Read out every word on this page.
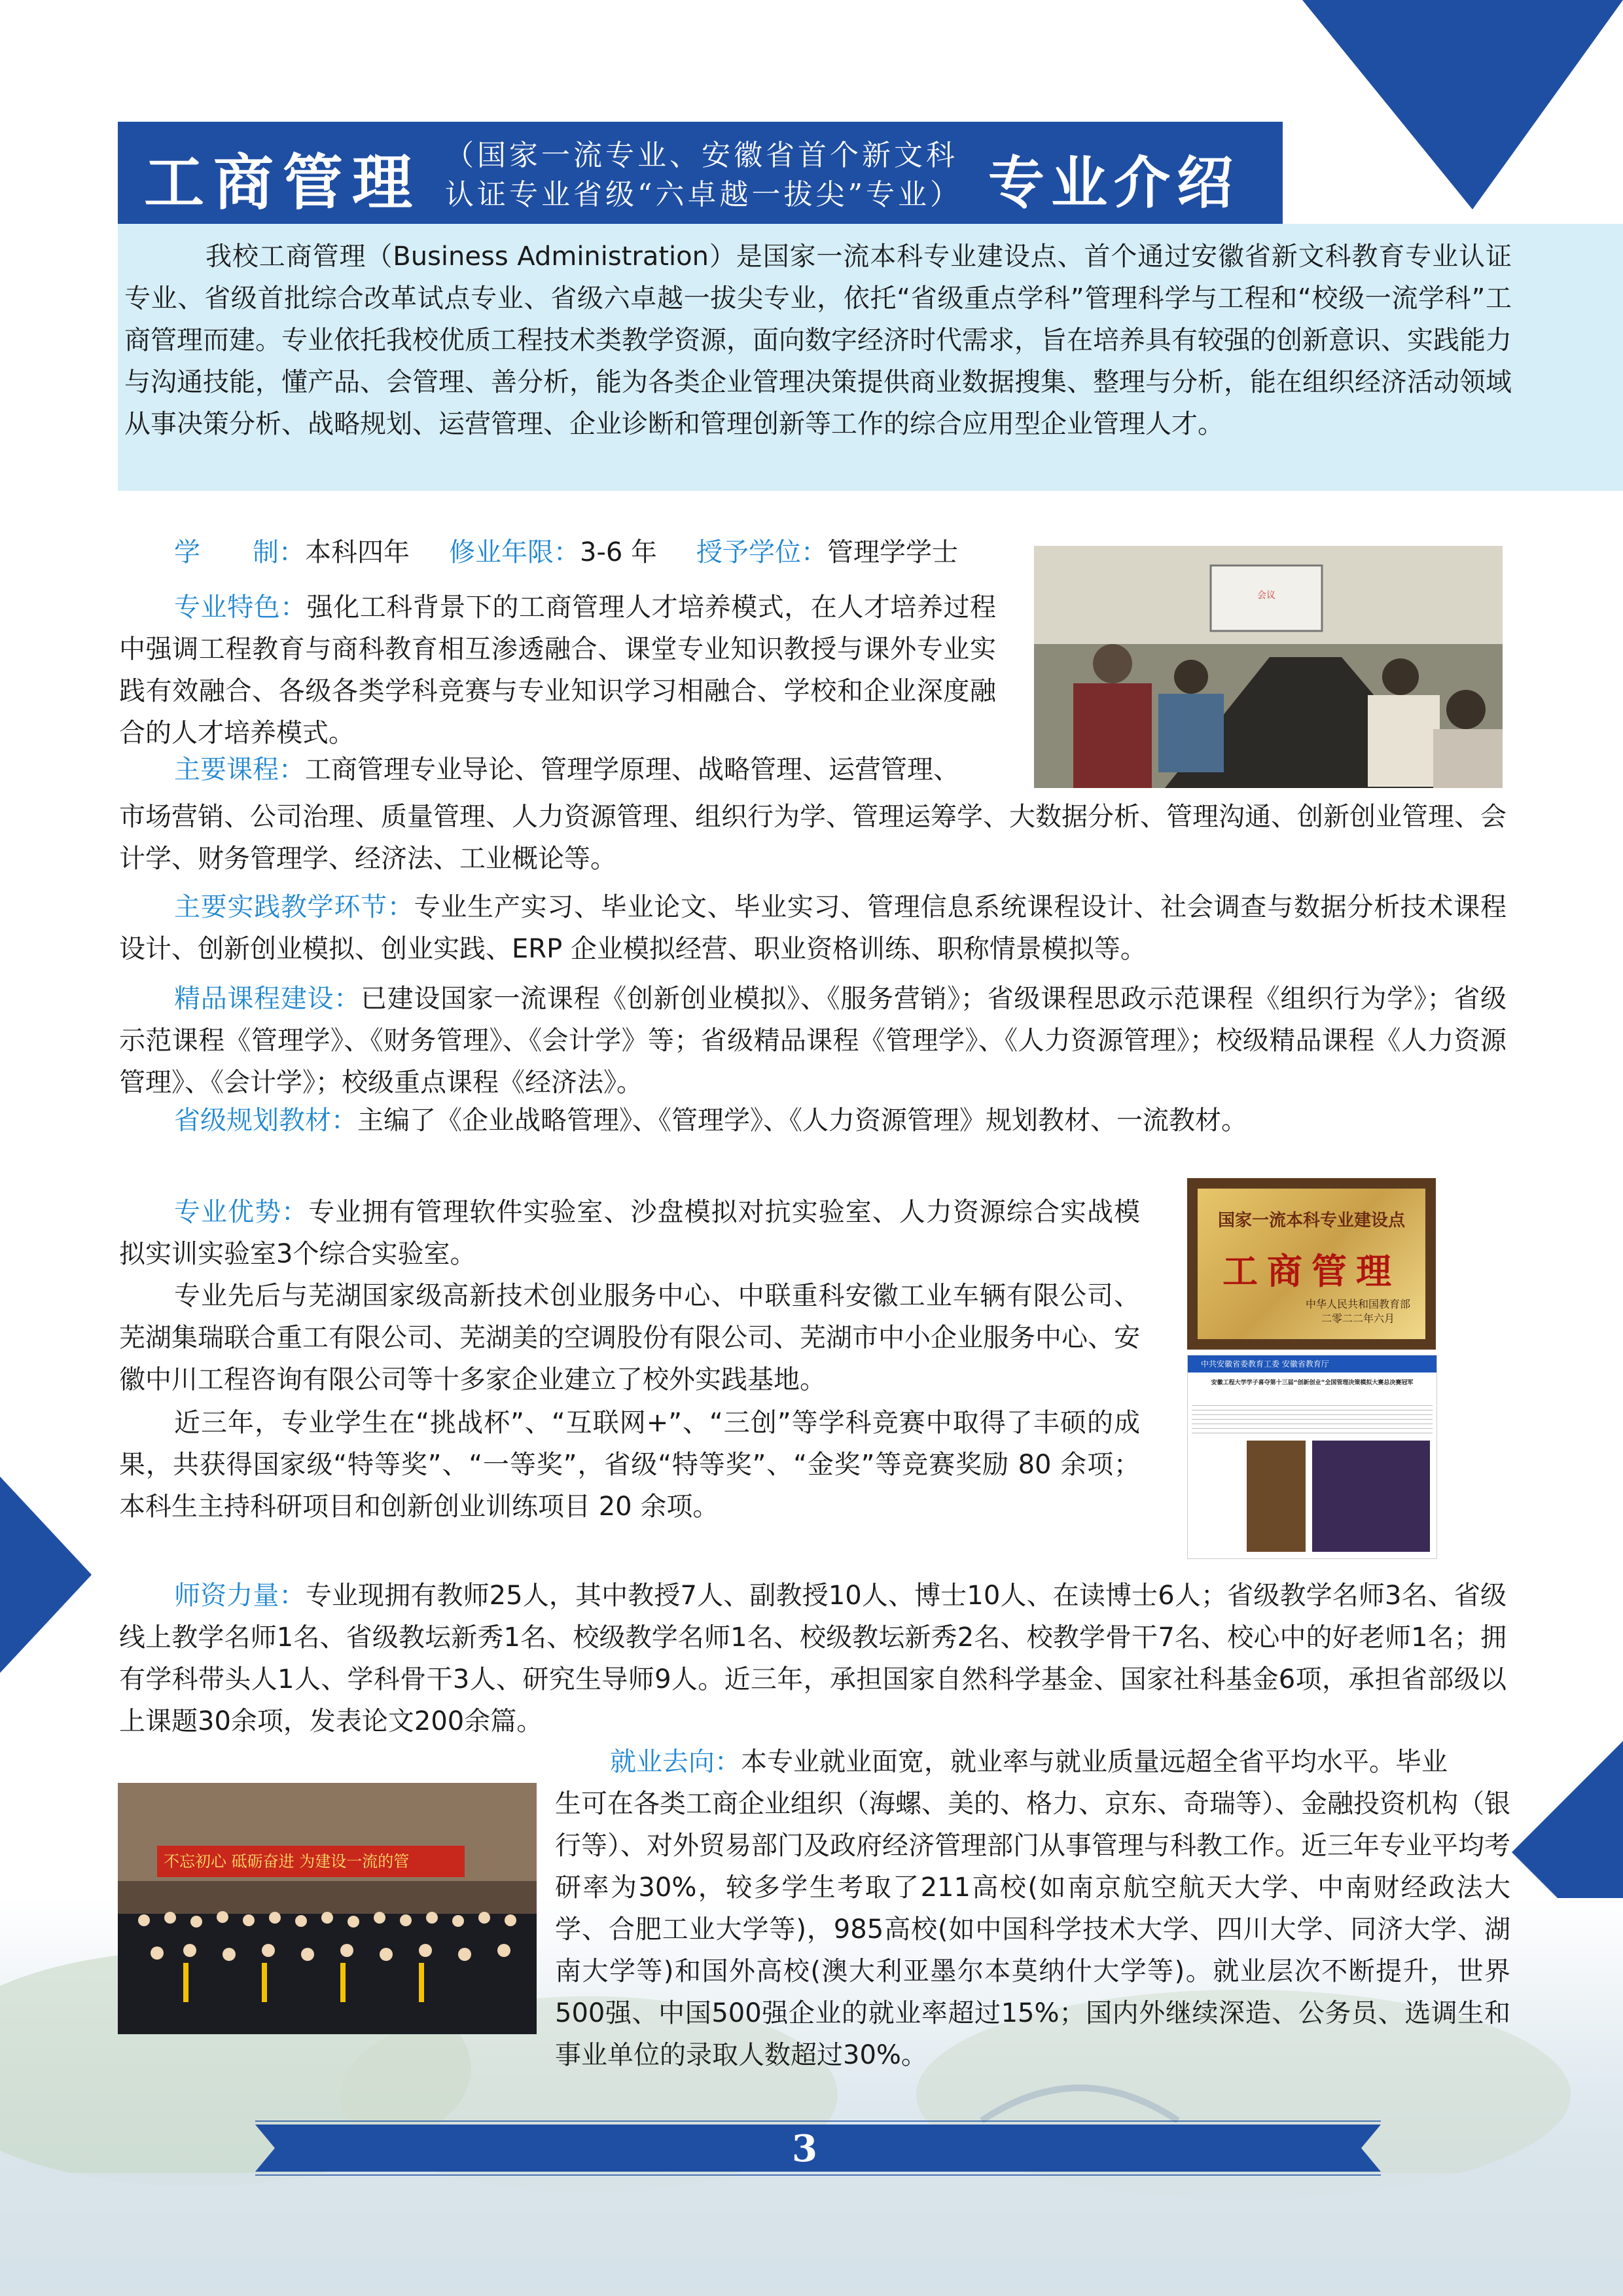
工商管理 （国家一流专业、安徽省首个新文科
认证专业省级“六卓越一拔尖”专业） 专业介绍

我校工商管理（Business Administration）是国家一流本科专业建设点、首个通过安徽省新文科教育专业认证专业、省级首批综合改革试点专业、省级六卓越一拔尖专业，依托“省级重点学科”管理科学与工程和“校级一流学科”工商管理而建。专业依托我校优质工程技术类教学资源，面向数字经济时代需求，旨在培养具有较强的创新意识、实践能力与沟通技能，懂产品、会管理、善分析，能为各类企业管理决策提供商业数据搜集、整理与分析，能在组织经济活动领域从事决策分析、战略规划、运营管理、企业诊断和管理创新等工作的综合应用型企业管理人才。

学　　制：本科四年 修业年限：3-6 年 授予学位：管理学学士
会议
专业特色：强化工科背景下的工商管理人才培养模式，在人才培养过程中强调工程教育与商科教育相互渗透融合、课堂专业知识教授与课外专业实践有效融合、各级各类学科竞赛与专业知识学习相融合、学校和企业深度融合的人才培养模式。
主要课程：工商管理专业导论、管理学原理、战略管理、运营管理、
市场营销、公司治理、质量管理、人力资源管理、组织行为学、管理运筹学、大数据分析、管理沟通、创新创业管理、会计学、财务管理学、经济法、工业概论等。
主要实践教学环节：专业生产实习、毕业论文、毕业实习、管理信息系统课程设计、社会调查与数据分析技术课程设计、创新创业模拟、创业实践、ERP 企业模拟经营、职业资格训练、职称情景模拟等。
精品课程建设：已建设国家一流课程《创新创业模拟》、《服务营销》；省级课程思政示范课程《组织行为学》；省级示范课程《管理学》、《财务管理》、《会计学》等；省级精品课程《管理学》、《人力资源管理》；校级精品课程《人力资源管理》、《会计学》；校级重点课程《经济法》。
省级规划教材：主编了《企业战略管理》、《管理学》、《人力资源管理》规划教材、一流教材。
专业优势：专业拥有管理软件实验室、沙盘模拟对抗实验室、人力资源综合实战模拟实训实验室3个综合实验室。
专业先后与芜湖国家级高新技术创业服务中心、中联重科安徽工业车辆有限公司、芜湖集瑞联合重工有限公司、芜湖美的空调股份有限公司、芜湖市中小企业服务中心、安徽中川工程咨询有限公司等十多家企业建立了校外实践基地。
近三年，专业学生在“挑战杯”、“互联网+”、“三创”等学科竞赛中取得了丰硕的成果，共获得国家级“特等奖”、“一等奖”，省级“特等奖”、“金奖”等竞赛奖励 80 余项；本科生主持科研项目和创新创业训练项目 20 余项。
国家一流本科专业建设点
工商管理
中华人民共和国教育部
二零二二年六月
中共安徽省委教育工委 安徽省教育厅
安徽工程大学学子喜夺第十三届“创新创业”全国管理决策模拟大赛总决赛冠军
师资力量：专业现拥有教师25人，其中教授7人、副教授10人、博士10人、在读博士6人；省级教学名师3名、省级线上教学名师1名、省级教坛新秀1名、校级教学名师1名、校级教坛新秀2名、校教学骨干7名、校心中的好老师1名；拥有学科带头人1人、学科骨干3人、研究生导师9人。近三年，承担国家自然科学基金、国家社科基金6项，承担省部级以上课题30余项，发表论文200余篇。
不忘初心 砥砺奋进 为建设一流的管
就业去向：本专业就业面宽，就业率与就业质量远超全省平均水平。毕业
生可在各类工商企业组织（海螺、美的、格力、京东、奇瑞等）、金融投资机构（银行等）、对外贸易部门及政府经济管理部门从事管理与科教工作。近三年专业平均考研率为30%，较多学生考取了211高校(如南京航空航天大学、中南财经政法大学、合肥工业大学等)，985高校(如中国科学技术大学、四川大学、同济大学、湖南大学等)和国外高校(澳大利亚墨尔本莫纳什大学等)。就业层次不断提升，世界500强、中国500强企业的就业率超过15%；国内外继续深造、公务员、选调生和事业单位的录取人数超过30%。
3
